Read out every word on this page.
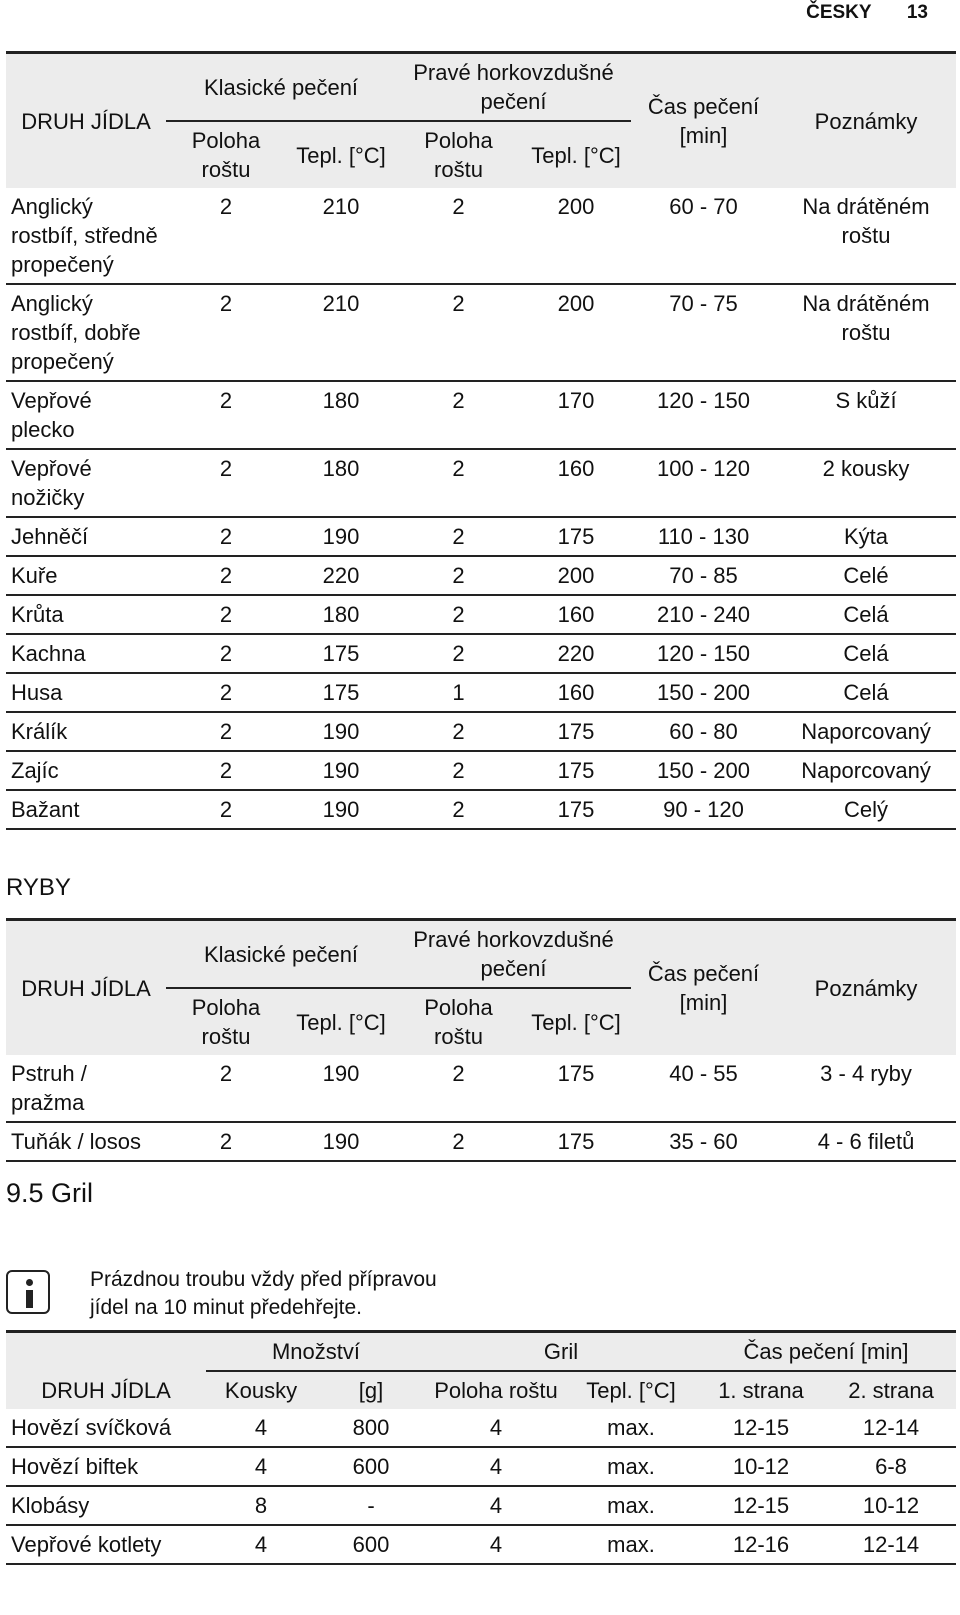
ČESKY 13
DRUH JÍDLA	Klasické pečení		Pravé horkovzdušné pečení		Čas pečení [min]	Poznámky
	Poloha roštu	Tepl. [°C]	Poloha roštu	Tepl. [°C]		
Anglický rostbíf, středně propečený	2	210	2	200	60 - 70	Na drátěném roštu
Anglický rostbíf, dobře propečený	2	210	2	200	70 - 75	Na drátěném roštu
Vepřové plecko	2	180	2	170	120 - 150	S kůží
Vepřové nožičky	2	180	2	160	100 - 120	2 kousky
Jehněčí	2	190	2	175	110 - 130	Kýta
Kuře	2	220	2	200	70 - 85	Celé
Krůta	2	180	2	160	210 - 240	Celá
Kachna	2	175	2	220	120 - 150	Celá
Husa	2	175	1	160	150 - 200	Celá
Králík	2	190	2	175	60 - 80	Naporcovaný
Zajíc	2	190	2	175	150 - 200	Naporcovaný
Bažant	2	190	2	175	90 - 120	Celý
RYBY
DRUH JÍDLA	Klasické pečení		Pravé horkovzdušné pečení		Čas pečení [min]	Poznámky
	Poloha roštu	Tepl. [°C]	Poloha roštu	Tepl. [°C]		
Pstruh / pražma	2	190	2	175	40 - 55	3 - 4 ryby
Tuňák / losos	2	190	2	175	35 - 60	4 - 6 filetů
9.5 Gril
Prázdnou troubu vždy před přípravou jídel na 10 minut předehřejte.
	Množství		Gril		Čas pečení [min]	
DRUH JÍDLA	Kousky	[g]	Poloha roštu	Tepl. [°C]	1. strana	2. strana
Hovězí svíčková	4	800	4	max.	12-15	12-14
Hovězí biftek	4	600	4	max.	10-12	6-8
Klobásy	8	-	4	max.	12-15	10-12
Vepřové kotlety	4	600	4	max.	12-16	12-14
